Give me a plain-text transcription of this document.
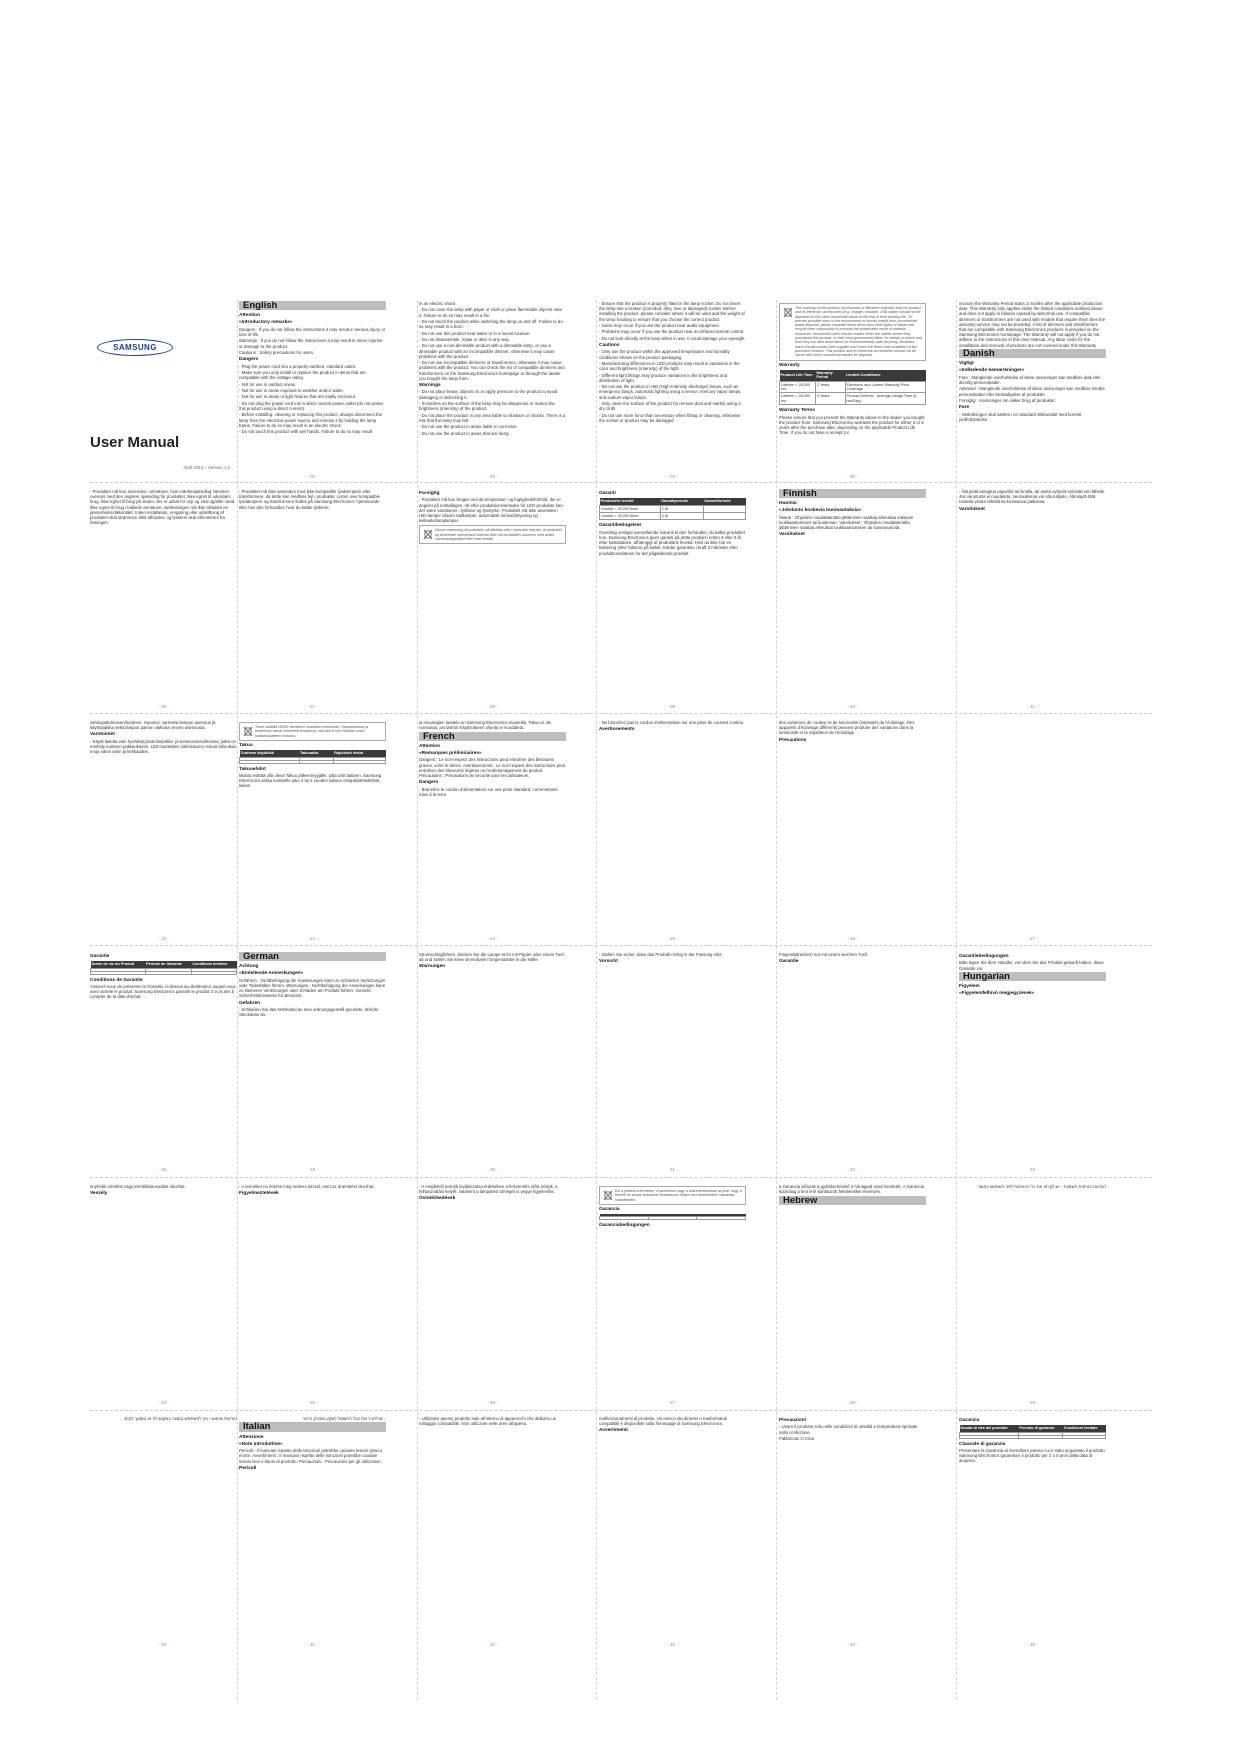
SAMSUNG
User Manual
April 2014 – Version 1.0
English

Attention

«Introductory remarks»

Dangers : If you do not follow the instructions it may result in serious injury or loss of life.

Warnings : If you do not follow the instructions it may result in minor injuries or damage to the product.

Cautions : Safety precautions for users.

Dangers

- Plug the power cord into a properly earthed, standard outlet.

- Make sure you only install or replace the product in items that are compatible with the voltage rating.

- Not for use in outdoor areas.

- Not for use in areas exposed to weather and/or water.

- Not for use in areas or light fixtures that are totally enclosed.

- Do not plug the power cord into a direct current power outlet (do not power this product using a direct current).

- Before installing, cleaning or replacing this product, always disconnect the lamp from the electrical power source and remove it by holding the lamp frame. Failure to do so may result in an electric shock.

- Do not touch this product with wet hands. Failure to do so may result

in an electric shock.

- Do not cover the lamp with paper or cloth or place flammable objects near it. Failure to do so may result in a fire.

- Do not touch the product while switching the lamp on and off. Failure to do so may result in a burn.

- Do not use this product near water or in a humid location.

- Do not disassemble, repair or alter in any way.

- Do not use a non-dimmable product with a dimmable lamp, or use a dimmable product with an incompatible dimmer, otherwise it may cause problems with the product.

- Do not use incompatible dimmers or transformers, otherwise it may cause problems with the product. You can check the list of compatible dimmers and transformers on the Samsung Electronics homepage or through the dealer you bought the lamp from.

Warnings

- Do not place heavy objects on or apply pressure to the product to avoid damaging or deforming it.

- Scratches on the surface of the lamp may be dangerous or reduce the brightness (intensity) of the product.

- Do not place the product in any area liable to vibration or shocks. There is a risk that the lamp may fall.

- Do not use the product in areas liable to corrosion.

- Do not use the product in areas that are dusty.

- Ensure that the product is properly fitted in the lamp socket. Do not insert the lamp into a broken (corroded, dirty, lose or damaged) socket. Before installing the product, please consider where it will be used and the weight of the lamp housing to ensure that you choose the correct product.

- Noise may occur if you use the product near audio equipment.

- Problems may occur if you use the product near an infrared remote control.

- Do not look directly at the lamp when in use. It could damage your eyesight.

Cautions

- Only use the product within the approved temperature and humidity conditions shown on the product packaging.

- Manufacturing differences in LED products may result in variations in the color and brightness (intensity) of the light.

- Different light fittings may produce variations in the brightness and distribution of light.

- Do not use the product in HID (High-Intensity discharge) lamps, such as emergency lamps, automatic lighting using a sensor, mercury vapor lamps, and sodium vapor lamps.

- Only clean the surface of the product (to remove dust and marks) using a dry cloth.

- Do not use more force than necessary when fitting or cleaning, otherwise the socket or product may be damaged.

This marking on the product, accessories or literature indicates that the product and its electronic accessories (e.g. charger, headset, USB cable) should not be disposed of with other household waste at the end of their working life. To prevent possible harm to the environment or human health from uncontrolled waste disposal, please separate these items from other types of waste and recycle them responsibly to promote the sustainable reuse of material resources. Household users should contact either the retailer where they purchased this product, or their local government office, for details of where and how they can take these items for environmentally safe recycling. Business users should contact their supplier and check the terms and conditions of the purchase contract. This product and its electronic accessories should not be mixed with other commercial wastes for disposal.

Warranty

Product Life Time	Warranty Period	Limited Conditions
Lifetime > 25,000 hrs	2 Years	Electronic and Lumen Warranty Point Coverage
Lifetime > 25,000 hrs	3 Years	Product Defects · Average Usage Time (8 hrs/Day)

Warranty Terms

Please ensure that you present the Warranty above to the dealer you bought the product from. Samsung Electronics warrants the product for either 3 or 5 years after the purchase date, depending on the applicable Product Life Time. If you do not have a receipt (or

invoice) the Warranty Period starts 3 months after the applicable production date. This Warranty only applies under the limited conditions outlined above and does not apply to failures caused by abnormal use. If compatible dimmers or transformers are not used with models that require them then the warranty service may not be provided. A list of dimmers and transformers that are compatible with Samsung Electronics products is provided on the Samsung Electronics homepage. The Warranty will not apply if you do not adhere to the instructions in this User Manual. Any labor costs for the installation and removal of products are not covered under this Warranty.

Danish

Vigtigt

«Indledende bemærkninger»

Fare : Manglende overholdelse af disse anvisninger kan medføre død eller alvorlig personskader.

Advarsel : Manglende overholdelse af disse anvisninger kan medføre mindre personskader eller beskadigelse af produktet.

Forsigtig : Anvisninger om sikker brug af produktet.

Fare

- Netledningen skal sættes i en standard stikkontakt med korrekt jordforbindelse.

- 02 -	- 03 -	- 04 -	- 05 -

- Produktet må kun anvendes i armaturer, hvis mærkespænding stemmer overens med den angivne spænding for produktet. Ikke egnet til udendørs brug. Ikke egnet til brug på steder, der er udsat for vejr og vind og/eller vand. Ikke egnet til brug i lukkede armaturer. Netledningen må ikke tilsluttes en jævnstrømsstikkontakt. Inden installation, rengøring eller udskiftning af produktet skal strømmen altid afbrydes, og lyskeret skal afmonteres fra fatningen.

- Produktet må ikke anvendes med ikke-kompatible lysdæmpere eller transformere, da dette kan medføre fejl i produktet. Listen over kompatible lysdæmpere og transformere findes på Samsung Electronics' hjemmeside eller hos den forhandler, hvor du købte lyskeret.

Forsigtig

- Produktet må kun bruges ved de temperatur- og fugtighedsforhold, der er angivet på emballagen. Alt efter produktionsmetoden for LED-produkter kan der være variationer i lysfarve og lysstyrke. Produktet må ikke anvendes i HID-lamper såsom nødlamper, automatisk sensorbelysning og kviksølvdamplamper.

Denne mærkning på produktet, på tilbehør eller i manualer betyder, at produktet og tilhørende elektroniske tilbehør ikke må bortskaffes sammen med andet husholdningsaffald efter endt levetid.

Garanti

Produktets levetid	Garantiperiode	Garantiforhold
Levetid > 25.000 timer	2 år	
Levetid > 25.000 timer	3 år	

Garantibetingelser

Overdrag venligst ovenstående Garanti til den forhandler, du købte produktet hos. Samsung Electronics giver garanti på dette produkt i enten 3 eller 5 år efter købsdatoen, afhængigt af produktets levetid. Hvis du ikke har en kvittering (eller faktura) på købet, træder garantien i kraft 3 måneder efter produktionsdatoen for det pågældende produkt.

Finnish

Huomio

«Johdanto koskevia huomautuksia»

Vaara! : Ohjeiden noudattamatta jättäminen saattaa aiheuttaa vakavan loukkaantumisen tai kuoleman. Varoitukset : Ohjeiden noudattamatta jättäminen saattaa aiheuttaa loukkaantumisen tai tuotevaurioita.

Varoitukset

- Älä peitä lamppua paperilla tai liinalla, tai aseta syttyviä esineitä sen lähelle. Jos varoitusta ei noudateta, seurauksena voi olla tulipalo. Älä käytä tätä tuotetta veden lähellä tai kosteassa paikassa.

Varoitukset

- 06 -	- 07 -	- 08 -	- 09 -	- 10 -	- 11 -

vahingoittumiseen/tuotteen. Huomioi: varmista lampun asennus ja käyttöpaikka sekä lampun painon vaikutus ennen asennusta.

Varotoimet

- Käytä laitetta vain hyväksytyissä lämpötila- ja kosteusolosuhteissa, jotka on merkitty tuotteen pakkaukseen. LED-tuotteiden valmistusero voivat aiheuttaa eroja valon värin ja kirkkauden.

Tuote sisältää WEEE-direktiivin mukaisen merkinnän. Pakkauksessa ja tuotteessa olevat merkinnät ilmaisevat, että sitä ei tule hävittää muun kotitalousjätteen mukana.

Takuu

Tuotteen käyttöikä	Takuuaika	Rajoitetut ehdot

Takuuehdot

Muista esittää yllä oleva Takuu jälleenmyyjälle, jolta ostit laitteen. Samsung Electronics antaa tuotteelle joko 3 tai 5 vuoden takuun ostopäivämäärästä lukien.

ja muuntajien luettelo on Samsung Electronics sivustolla. Takuu ei ole voimassa, jos tämän Käyttöohjeen ohjeita ei noudateta.

French

Attention

«Remarques préliminaires»

Dangers : Le non-respect des instructions peut entraîner des blessures graves, voire le décès. Avertissements : Le non-respect des instructions peut entraîner des blessures légères ou l'endommagement du produit. Précautions : Précautions de sécurité pour les utilisateurs.

Dangers

- Branchez le cordon d'alimentation sur une prise standard, correctement mise à la terre.

- Ne branchez pas le cordon d'alimentation sur une prise de courant continu.

Avertissements

des variations de couleur et de luminosité (intensité) de l'éclairage. Des appareils d'éclairage différents peuvent produire des variations dans la luminosité et la répartition de l'éclairage.

Précautions

- 12 -	- 13 -	- 14 -	- 15 -	- 16 -	- 17 -

Garantie

Durée de vie du Produit	Période de Garantie	Conditions limitées

Conditions de Garantie

Assurez-vous de présenter la Garantie ci-dessus au distributeur auquel vous avez acheté le produit. Samsung Electronics garantit le produit 3 ou 5 ans à compter de la date d'achat.

German

Achtung

«Einleitende Anmerkungen»

Gefahren : Nichtbefolgung der Anweisungen kann zu schweren Verletzungen oder Todesfällen führen. Warnungen : Nichtbefolgung der Anweisungen kann zu kleineren Verletzungen oder Schäden am Produkt führen. Vorsicht : Sicherheitshinweise für Benutzer.

Gefahren

- Schließen Sie das Netzkabel an eine ordnungsgemäß geerdete, übliche Steckdose an.

Stromschlagführen. Decken Sie die Lampe nicht mit Papier oder einem Tuch ab und stellen Sie keine brennbaren Gegenstände in die Nähe.

Warnungen

- Stellen Sie sicher, dass das Produkt richtig in der Fassung sitzt.

Vorsicht

Fingerabdrücken) nur mit einem weichen Tuch.

Garantie

Garantiebedingungen

Bitte legen Sie dem Händler, von dem Sie das Produkt gekauft haben, diese Garantie vor.

Hungarian

Figyelem

«Figyelemfelhívó megjegyzések»

- 18 -	- 19 -	- 20 -	- 21 -	- 22 -	- 23 -

enyhébb sérülést vagy termékkárosodást okozhat.

Veszély

- A terméket ne érintse meg nedves kézzel, mert az áramütést okozhat.

Figyelmeztetések

- A megfelelő termék kiválasztása érdekében a felszerelés előtt, kérjük, a felhasználási helyét, valamint a lámpatest tömegét is vegye figyelembe.

Óvintézkedések

Ezt a jelölést a terméken, a tartozékon vagy a dokumentációban az jelzi, hogy a termék és annak tartozékai élettartamuk végén nem kezelhetőek háztartási hulladékként.

Garancia

Garanciabedingungen

a Garancia időszak a gyártást követő 3 hónappal veszi kezdetét. A Garancia kizárólag a fent leírt korlátozott feltételekkel érvényes.

Hebrew

הוראות בטיחות חשובות - יש לקרוא את כל ההוראות לפני השימוש במוצר.

- 24 -	- 25 -	- 26 -	- 27 -	- 28 -	- 29 -

הוראות שימוש - אין להשתמש במוצר במקום לח או בסמוך למים.	- יש לחבר את כבל החשמל לשקע מוארק כראוי.

Italian

Attenzione

«Note introduttive»

Pericoli : Il mancato rispetto delle istruzioni potrebbe causare lesioni gravi o morte. Avvertimenti : Il mancato rispetto delle istruzioni potrebbe causare lesioni lievi o danni al prodotto. Precauzioni : Precauzioni per gli utilizzatori.

Pericoli

- Utilizzare questo prodotto solo all'interno di apparecchi che abbiano un voltaggio compatibile. Non utilizzare nelle aree all'aperto.

malfunzionamenti al prodotto. Un elenco dei dimmer e trasformatori compatibili è disponibile sulla homepage di Samsung Electronics.

Avvertimenti

Precauzioni

- Usare il prodotto solo nelle condizioni di umidità e temperatura riportate sulla confezione.

Fabbricato in Cina

Garanzia

Durata di vita del prodotto	Periodo di garanzia	Condizioni limitate

Clausole di garanzia

Presentare la Garanzia al rivenditore presso cui è stato acquistato il prodotto. Samsung Electronics garantisce il prodotto per 3 o 5 anni dalla data di acquisto.

- 30 -	- 31 -	- 32 -	- 33 -	- 34 -	- 35 -
